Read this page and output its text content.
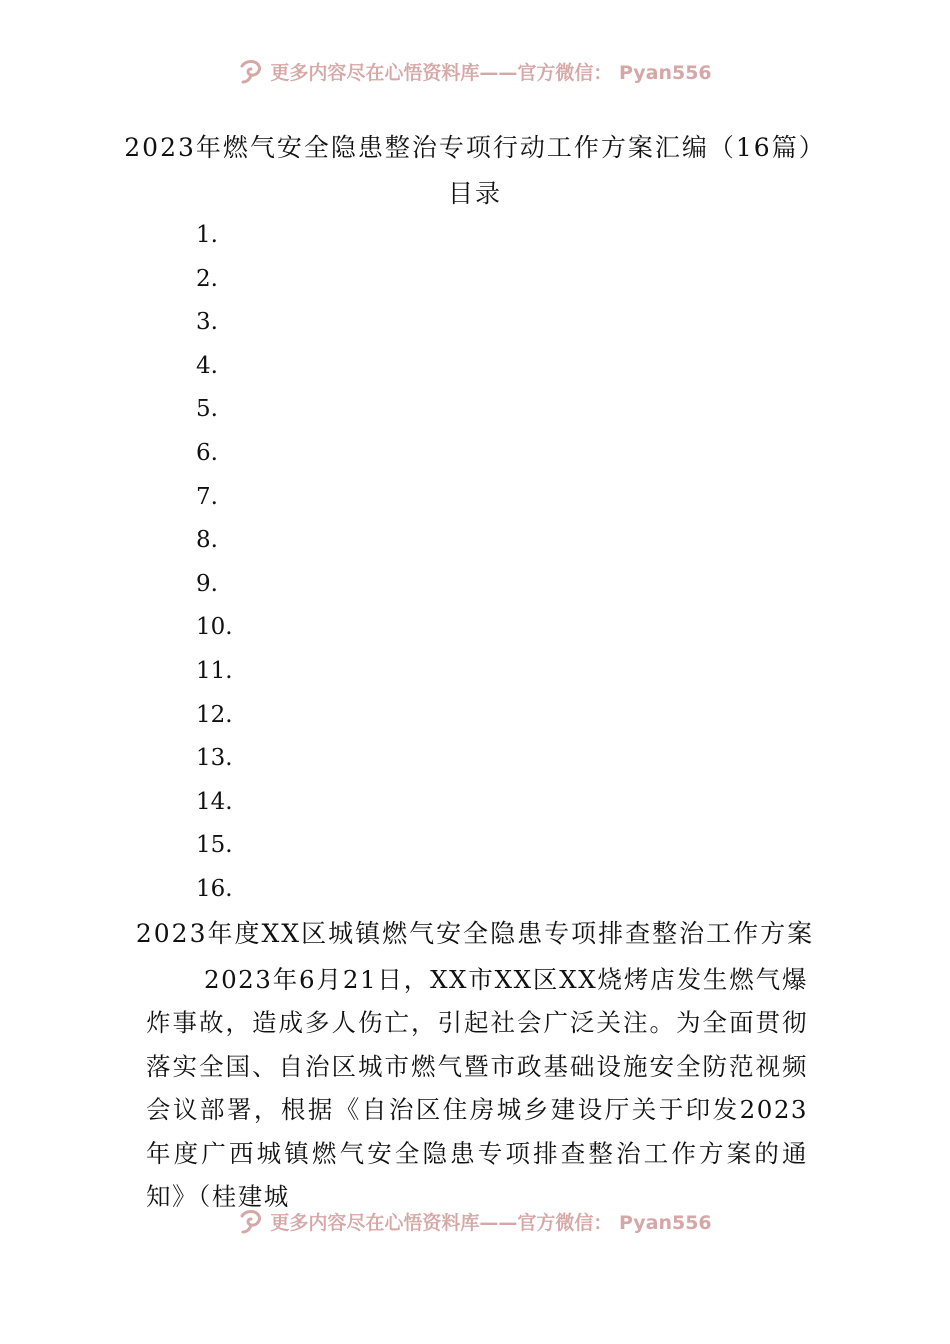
更多内容尽在心悟资料库——官方微信： Pyan556
2023年燃气安全隐患整治专项行动工作方案汇编（16篇）
目录
1.
2.
3.
4.
5.
6.
7.
8.
9.
10.
11.
12.
13.
14.
15.
16.
2023年度XX区城镇燃气安全隐患专项排查整治工作方案

2023年6月21日，XX市XX区XX烧烤店发生燃气爆炸事故，造成多人伤亡，引起社会广泛关注。为全面贯彻落实全国、自治区城市燃气暨市政基础设施安全防范视频会议部署，根据《自治区住房城乡建设厅关于印发2023年度广西城镇燃气安全隐患专项排查整治工作方案的通知》（桂建城

更多内容尽在心悟资料库——官方微信： Pyan556
